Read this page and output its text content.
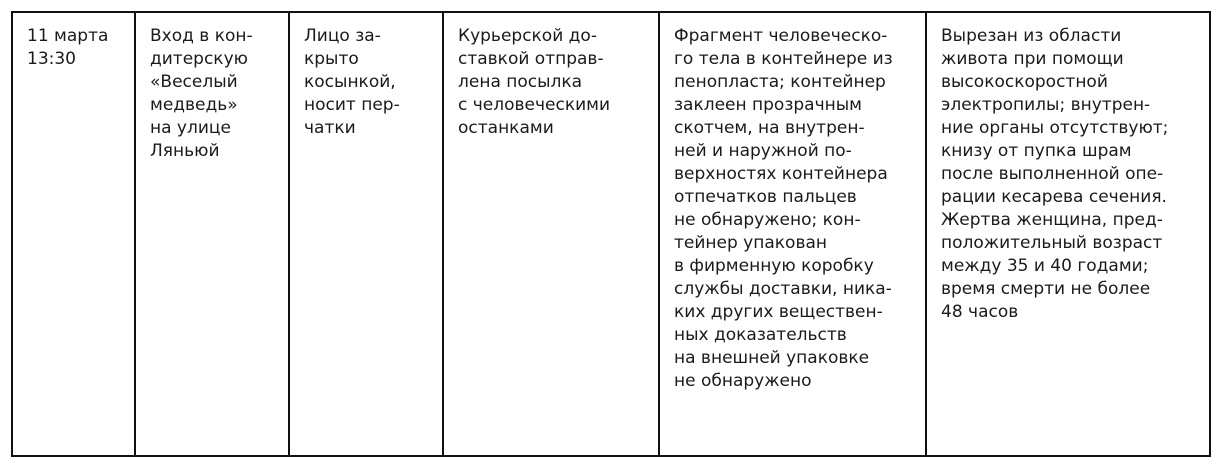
11 марта
13:30

Вход в кон-
дитерскую
«Веселый
медведь»
на улице
Ляньюй

Лицо за-
крыто
косынкой,
носит пер-
чатки

Курьерской до-
ставкой отправ-
лена посылка
с человеческими
останками

Фрагмент человеческо-
го тела в контейнере из
пенопласта; контейнер
заклеен прозрачным
скотчем, на внутрен-
ней и наружной по-
верхностях контейнера
отпечатков пальцев
не обнаружено; кон-
тейнер упакован
в фирменную коробку
службы доставки, ника-
ких других веществен-
ных доказательств
на внешней упаковке
не обнаружено

Вырезан из области
живота при помощи
высокоскоростной
электропилы; внутрен-
ние органы отсутствуют;
книзу от пупка шрам
после выполненной опе-
рации кесарева сечения.
Жертва женщина, пред-
положительный возраст
между 35 и 40 годами;
время смерти не более
48 часов
